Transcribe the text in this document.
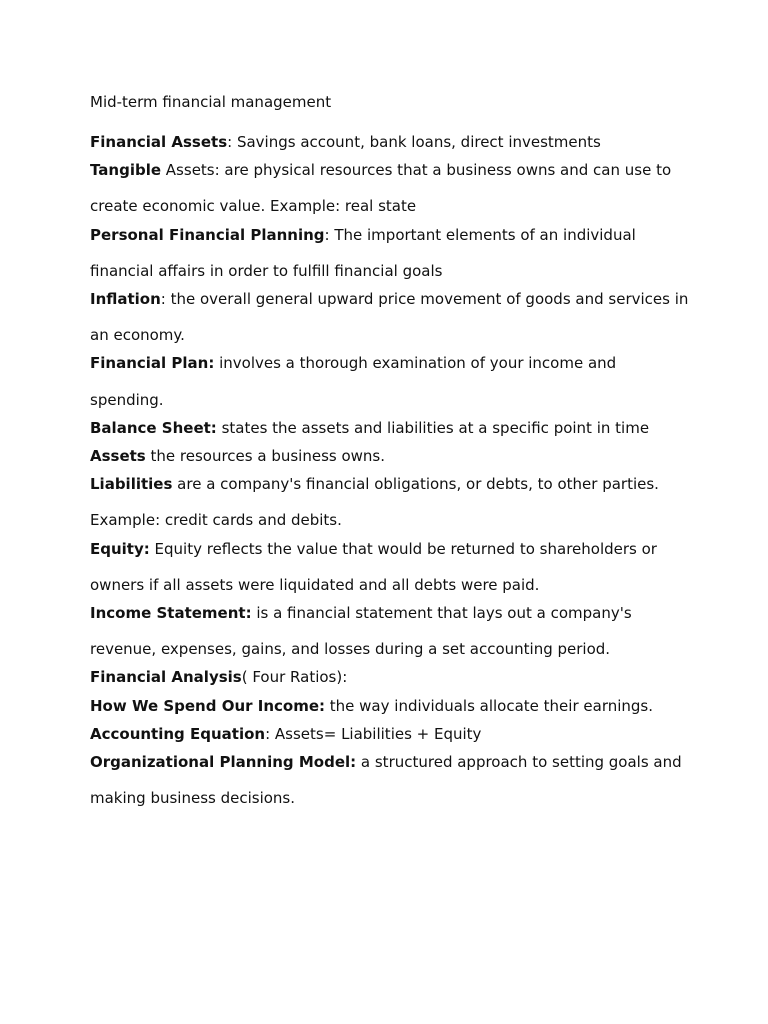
Mid-term financial management

Financial Assets: Savings account, bank loans, direct investments

Tangible Assets: are physical resources that a business owns and can use to create economic value. Example: real state

Personal Financial Planning: The important elements of an individual financial affairs in order to fulfill financial goals

Inflation: the overall general upward price movement of goods and services in an economy.

Financial Plan: involves a thorough examination of your income and spending.

Balance Sheet: states the assets and liabilities at a specific point in time

Assets the resources a business owns.

Liabilities are a company's financial obligations, or debts, to other parties. Example: credit cards and debits.

Equity: Equity reflects the value that would be returned to shareholders or owners if all assets were liquidated and all debts were paid.

Income Statement: is a financial statement that lays out a company's revenue, expenses, gains, and losses during a set accounting period.

Financial Analysis( Four Ratios):

How We Spend Our Income: the way individuals allocate their earnings.

Accounting Equation: Assets= Liabilities + Equity

Organizational Planning Model: a structured approach to setting goals and making business decisions.
